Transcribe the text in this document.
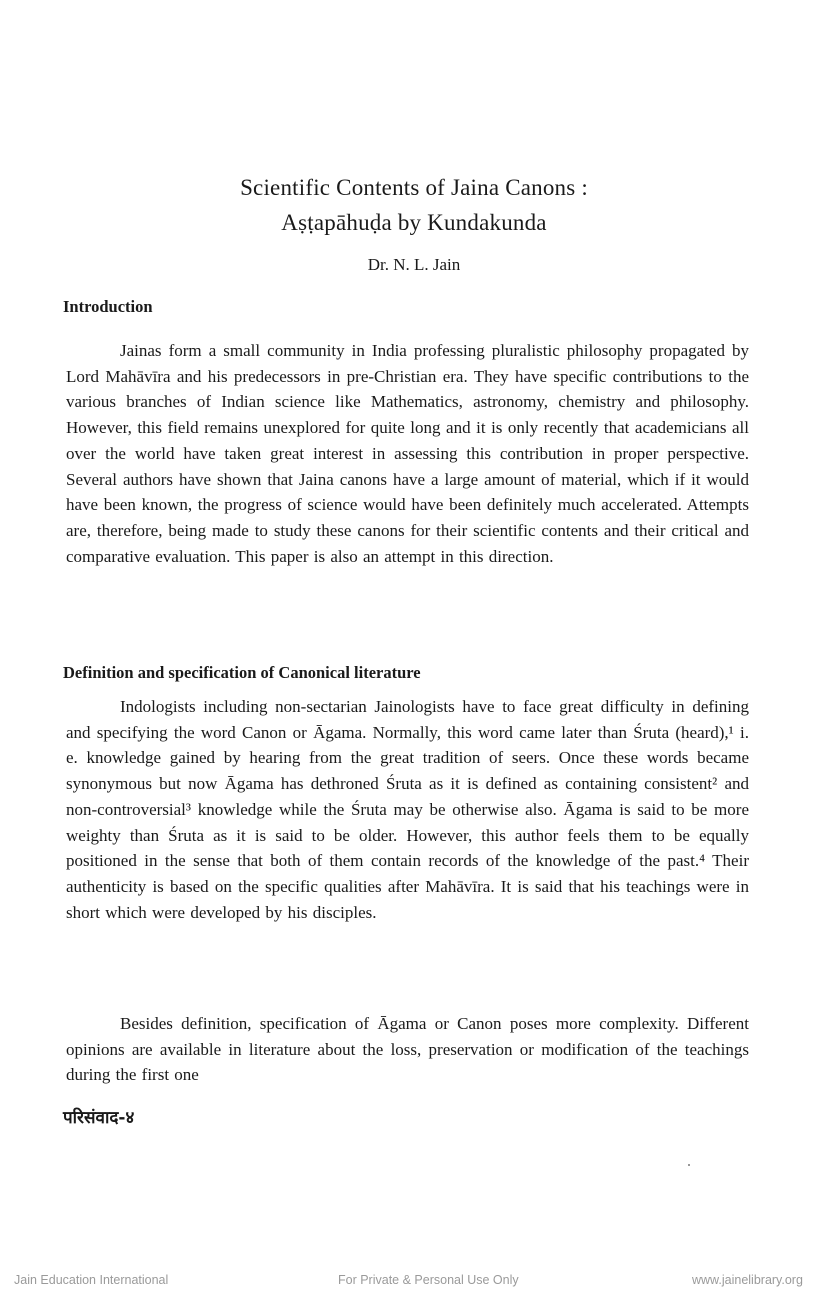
Scientific Contents of Jaina Canons :
Aṣṭapāhuḍa by Kundakunda
Dr. N. L. Jain
Introduction

Jainas form a small community in India professing pluralistic philosophy propagated by Lord Mahāvīra and his predecessors in pre-Christian era. They have specific contributions to the various branches of Indian science like Mathematics, astronomy, chemistry and philosophy. However, this field remains unexplored for quite long and it is only recently that academicians all over the world have taken great interest in assessing this contribution in proper perspective. Several authors have shown that Jaina canons have a large amount of material, which if it would have been known, the progress of science would have been definitely much accelerated. Attempts are, therefore, being made to study these canons for their scientific contents and their critical and comparative evaluation. This paper is also an attempt in this direction.

Definition and specification of Canonical literature

Indologists including non-sectarian Jainologists have to face great difficulty in defining and specifying the word Canon or Āgama. Normally, this word came later than Śruta (heard),¹ i. e. knowledge gained by hearing from the great tradition of seers. Once these words became synonymous but now Āgama has dethroned Śruta as it is defined as containing consistent² and non-controversial³ knowledge while the Śruta may be otherwise also. Āgama is said to be more weighty than Śruta as it is said to be older. However, this author feels them to be equally positioned in the sense that both of them contain records of the knowledge of the past.⁴ Their authenticity is based on the specific qualities after Mahāvīra. It is said that his teachings were in short which were developed by his disciples.

Besides definition, specification of Āgama or Canon poses more complexity. Different opinions are available in literature about the loss, preservation or modification of the teachings during the first one

परिसंवाद-४
Jain Education International	For Private & Personal Use Only	www.jainelibrary.org
